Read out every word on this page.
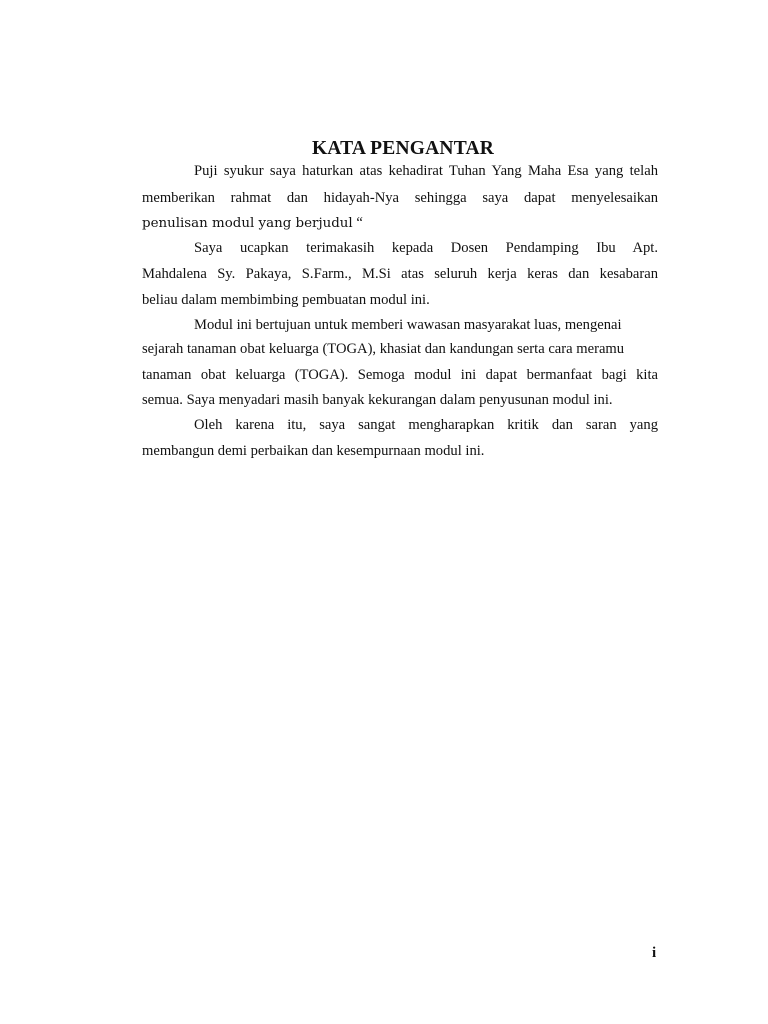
KATA PENGANTAR

Puji syukur saya haturkan atas kehadirat Tuhan Yang Maha Esa yang telah

memberikan rahmat dan hidayah-Nya sehingga saya dapat menyelesaikan

penulisan modul yang berjudul “

Saya ucapkan terimakasih kepada Dosen Pendamping Ibu Apt.

Mahdalena Sy. Pakaya, S.Farm., M.Si atas seluruh kerja keras dan kesabaran

beliau dalam membimbing pembuatan modul ini.

Modul ini bertujuan untuk memberi wawasan masyarakat luas, mengenai

sejarah tanaman obat keluarga (TOGA), khasiat dan kandungan serta cara meramu

tanaman obat keluarga (TOGA). Semoga modul ini dapat bermanfaat bagi kita

semua. Saya menyadari masih banyak kekurangan dalam penyusunan modul ini.

Oleh karena itu, saya sangat mengharapkan kritik dan saran yang

membangun demi perbaikan dan kesempurnaan modul ini.

i
